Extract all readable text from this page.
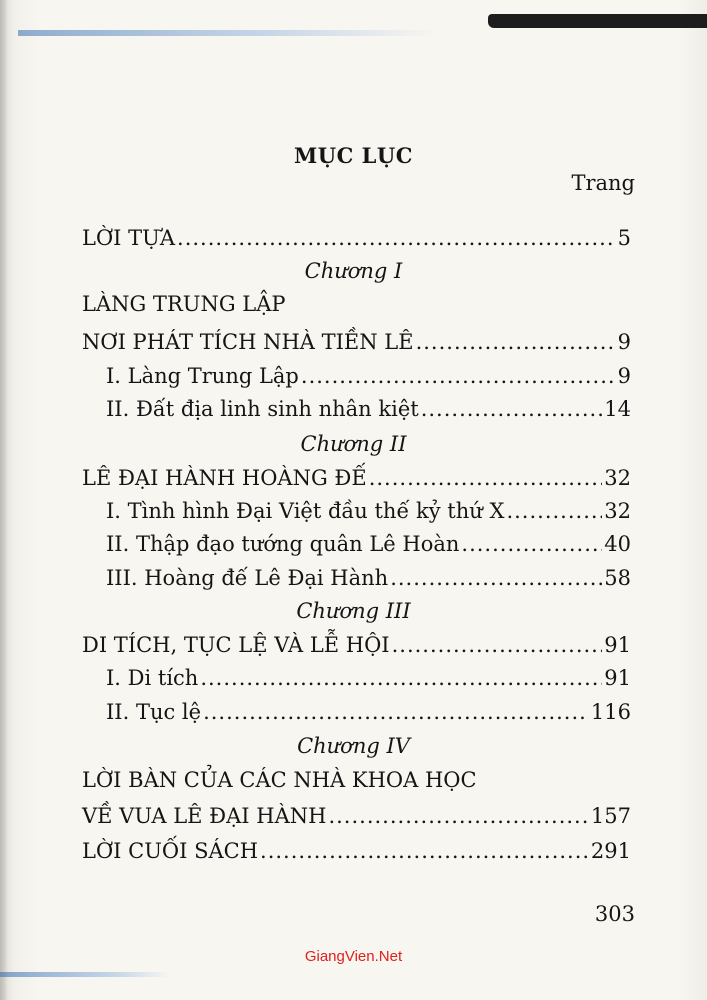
MỤC LỤC
Trang
LỜI TỰA .....	5
Chương I
LÀNG TRUNG LẬP
NƠI PHÁT TÍCH NHÀ TIỀN LÊ .....	9
I. Làng Trung Lập .....	9
II. Đất địa linh sinh nhân kiệt .....	14
Chương II
LÊ ĐẠI HÀNH HOÀNG ĐẾ .....	32
I. Tình hình Đại Việt đầu thế kỷ thứ X .....	32
II. Thập đạo tướng quân Lê Hoàn .....	40
III. Hoàng đế Lê Đại Hành .....	58
Chương III
DI TÍCH, TỤC LỆ VÀ LỄ HỘI .....	91
I. Di tích .....	91
II. Tục lệ .....	116
Chương IV
LỜI BÀN CỦA CÁC NHÀ KHOA HỌC
VỀ VUA LÊ ĐẠI HÀNH .....	157
LỜI CUỐI SÁCH .....	291
303
GiangVien.Net
